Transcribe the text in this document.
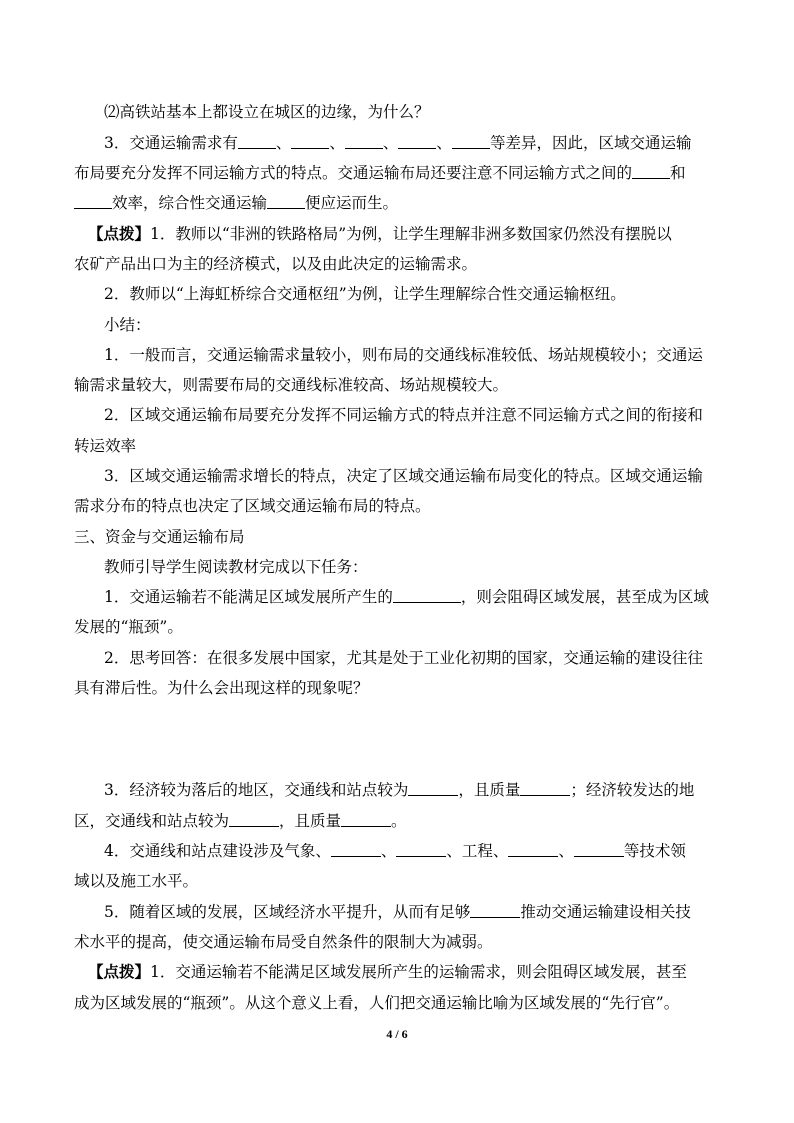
⑵高铁站基本上都设立在城区的边缘，为什么？
3．交通运输需求有 、 、 、 、 等差异，因此，区域交通运输
布局要充分发挥不同运输方式的特点。交通运输布局还要注意不同运输方式之间的 和
效率，综合性交通运输 便应运而生。
【点拨】1．教师以“非洲的铁路格局”为例，让学生理解非洲多数国家仍然没有摆脱以
农矿产品出口为主的经济模式，以及由此决定的运输需求。
2．教师以“上海虹桥综合交通枢纽”为例，让学生理解综合性交通运输枢纽。
小结：
1．一般而言，交通运输需求量较小，则布局的交通线标准较低、场站规模较小；交通运
输需求量较大，则需要布局的交通线标准较高、场站规模较大。
2．区域交通运输布局要充分发挥不同运输方式的特点并注意不同运输方式之间的衔接和
转运效率
3．区域交通运输需求增长的特点，决定了区域交通运输布局变化的特点。区域交通运输
需求分布的特点也决定了区域交通运输布局的特点。
三、资金与交通运输布局
教师引导学生阅读教材完成以下任务：
1．交通运输若不能满足区域发展所产生的	，则会阻碍区域发展，甚至成为区域
发展的“瓶颈”。
2．思考回答：在很多发展中国家，尤其是处于工业化初期的国家，交通运输的建设往往
具有滞后性。为什么会出现这样的现象呢？
3．经济较为落后的地区，交通线和站点较为	，且质量	；经济较发达的地
区，交通线和站点较为	，且质量	。
4．交通线和站点建设涉及气象、	、	、工程、	、	等技术领
域以及施工水平。
5．随着区域的发展，区域经济水平提升，从而有足够	推动交通运输建设相关技
术水平的提高，使交通运输布局受自然条件的限制大为减弱。
【点拨】1．交通运输若不能满足区域发展所产生的运输需求，则会阻碍区域发展，甚至
成为区域发展的“瓶颈”。从这个意义上看，人们把交通运输比喻为区域发展的“先行官”。
4 / 6
